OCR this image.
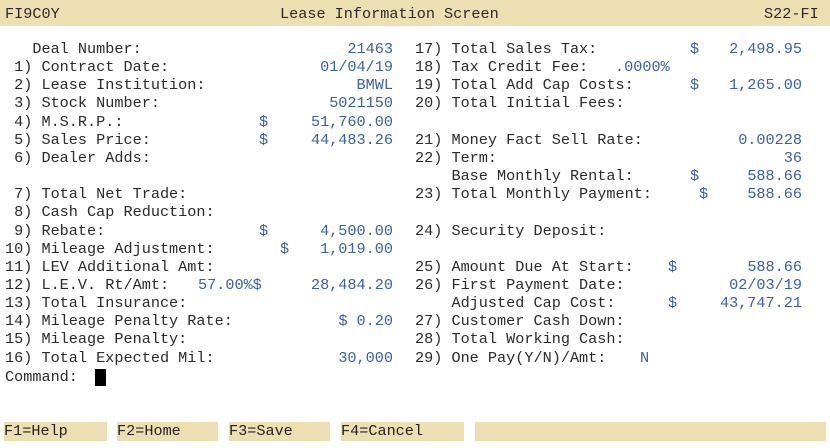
FI9C0Y	Lease Information Screen	S22-FI
Deal Number:	21463
1) Contract Date:	01/04/19
2) Lease Institution:	BMWL
3) Stock Number:	5021150
4) M.S.R.P.:	$	51,760.00
5) Sales Price:	$	44,483.26
6) Dealer Adds:
7) Total Net Trade:
8) Cash Cap Reduction:
9) Rebate:	$	4,500.00
10) Mileage Adjustment:	$ 1,019.00
11) LEV Additional Amt:
12) L.E.V. Rt/Amt: 57.00%$	28,484.20
13) Total Insurance:
14) Mileage Penalty Rate:	$ 0.20
15) Mileage Penalty:
16) Total Expected Mil:	30,000
17) Total Sales Tax:	$ 2,498.95
18) Tax Credit Fee: .0000%
19) Total Add Cap Costs:	$ 1,265.00
20) Total Initial Fees:
21) Money Fact Sell Rate:	0.00228
22) Term:	36
Base Monthly Rental:	$	588.66
23) Total Monthly Payment:	$	588.66
24) Security Deposit:
25) Amount Due At Start: $	588.66
26) First Payment Date:	02/03/19
Adjusted Cap Cost:	$	43,747.21
27) Customer Cash Down:
28) Total Working Cash:
29) One Pay(Y/N)/Amt: N
Command:
F1=Help	F2=Home	F3=Save	F4=Cancel
